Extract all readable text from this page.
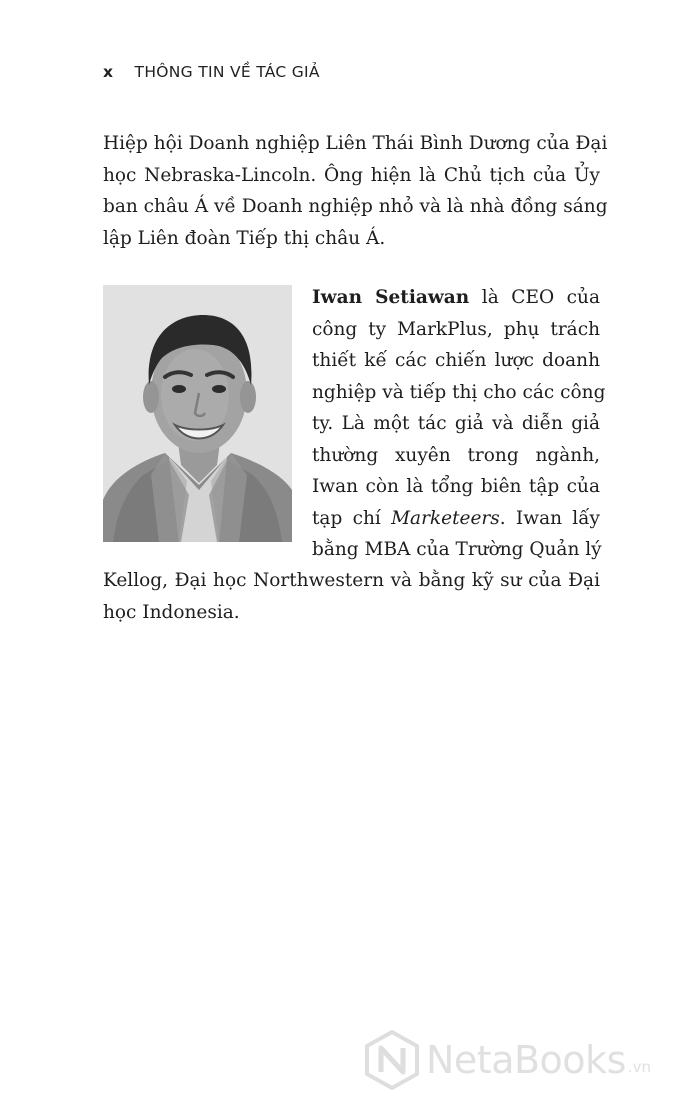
x THÔNG TIN VỀ TÁC GIẢ

Hiệp hội Doanh nghiệp Liên Thái Bình Dương của Đại
học Nebraska-Lincoln. Ông hiện là Chủ tịch của Ủy
ban châu Á về Doanh nghiệp nhỏ và là nhà đồng sáng
lập Liên đoàn Tiếp thị châu Á.

Iwan Setiawan là CEO của
công ty MarkPlus, phụ trách
thiết kế các chiến lược doanh
nghiệp và tiếp thị cho các công
ty. Là một tác giả và diễn giả
thường xuyên trong ngành,
Iwan còn là tổng biên tập của
tạp chí Marketeers. Iwan lấy
bằng MBA của Trường Quản lý
Kellog, Đại học Northwestern và bằng kỹ sư của Đại
học Indonesia.
NetaBooks .vn
